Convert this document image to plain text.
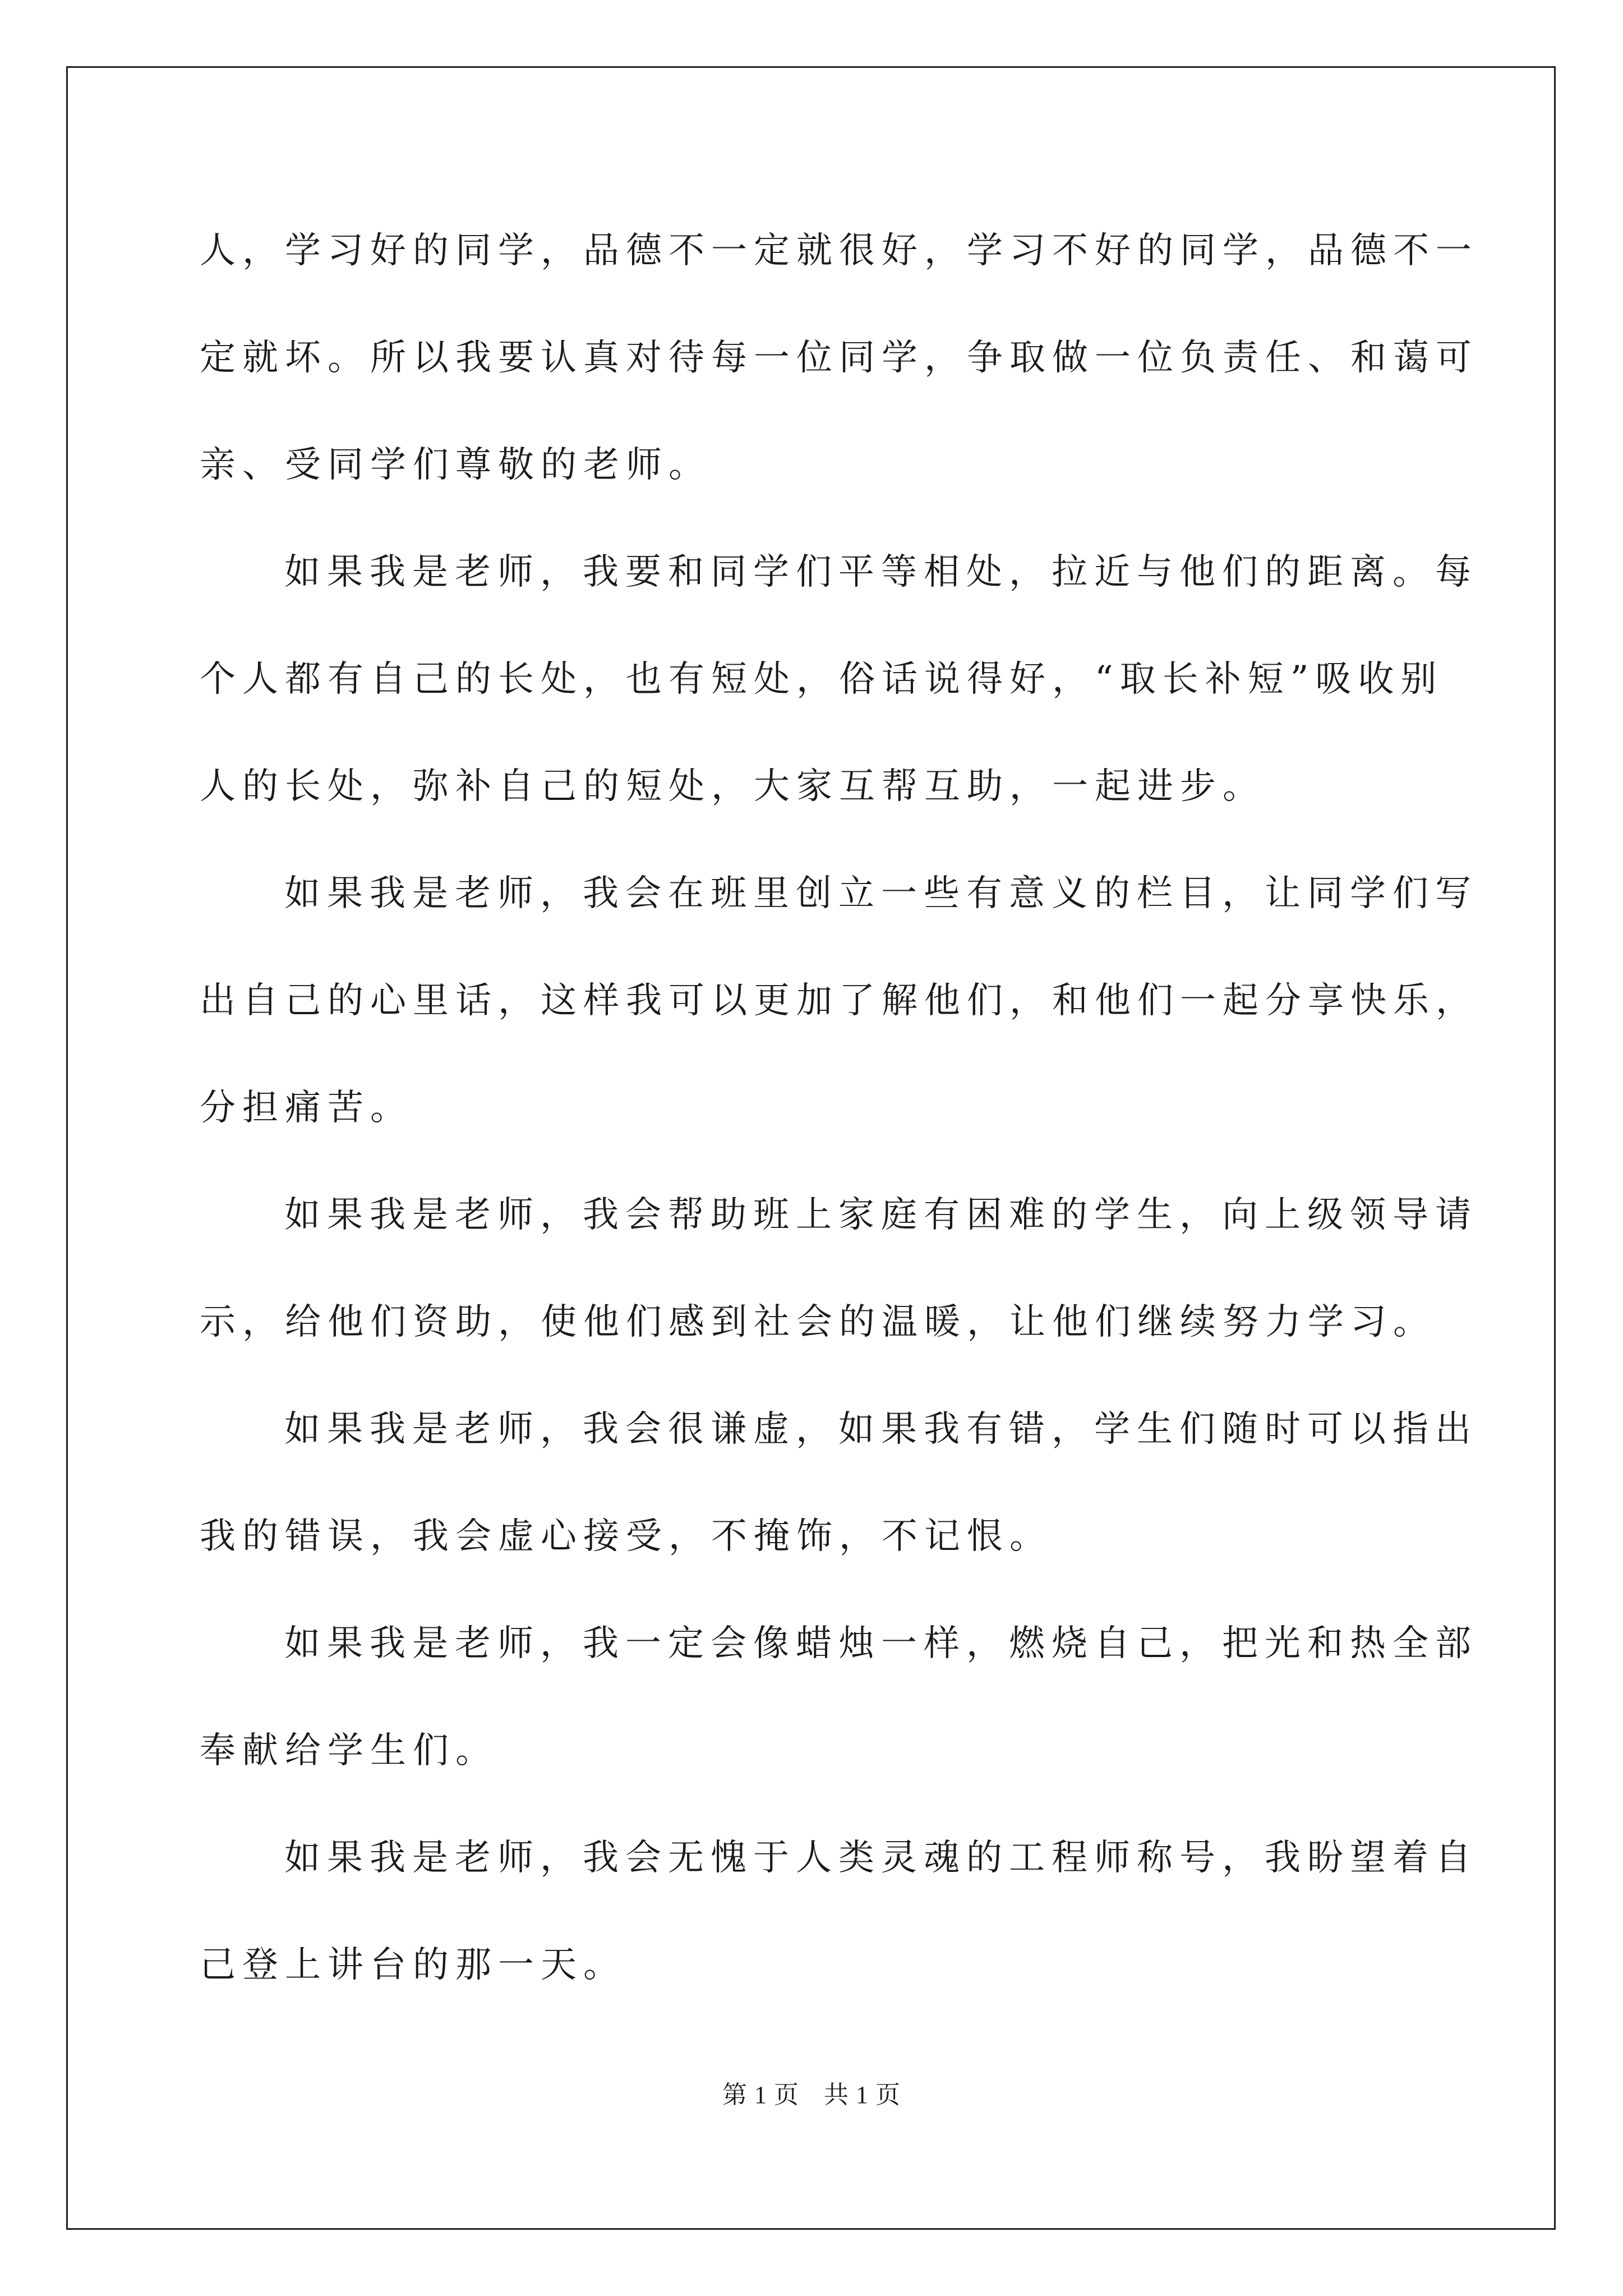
人，学习好的同学，品德不一定就很好，学习不好的同学，品德不一
定就坏。所以我要认真对待每一位同学，争取做一位负责任、和蔼可
亲、受同学们尊敬的老师。
如果我是老师，我要和同学们平等相处，拉近与他们的距离。每
个人都有自己的长处，也有短处，俗话说得好，“取长补短”吸收别
人的长处，弥补自己的短处，大家互帮互助，一起进步。
如果我是老师，我会在班里创立一些有意义的栏目，让同学们写
出自己的心里话，这样我可以更加了解他们，和他们一起分享快乐，
分担痛苦。
如果我是老师，我会帮助班上家庭有困难的学生，向上级领导请
示，给他们资助，使他们感到社会的温暖，让他们继续努力学习。
如果我是老师，我会很谦虚，如果我有错，学生们随时可以指出
我的错误，我会虚心接受，不掩饰，不记恨。
如果我是老师，我一定会像蜡烛一样，燃烧自己，把光和热全部
奉献给学生们。
如果我是老师，我会无愧于人类灵魂的工程师称号，我盼望着自
己登上讲台的那一天。
第 1 页 共 1 页
